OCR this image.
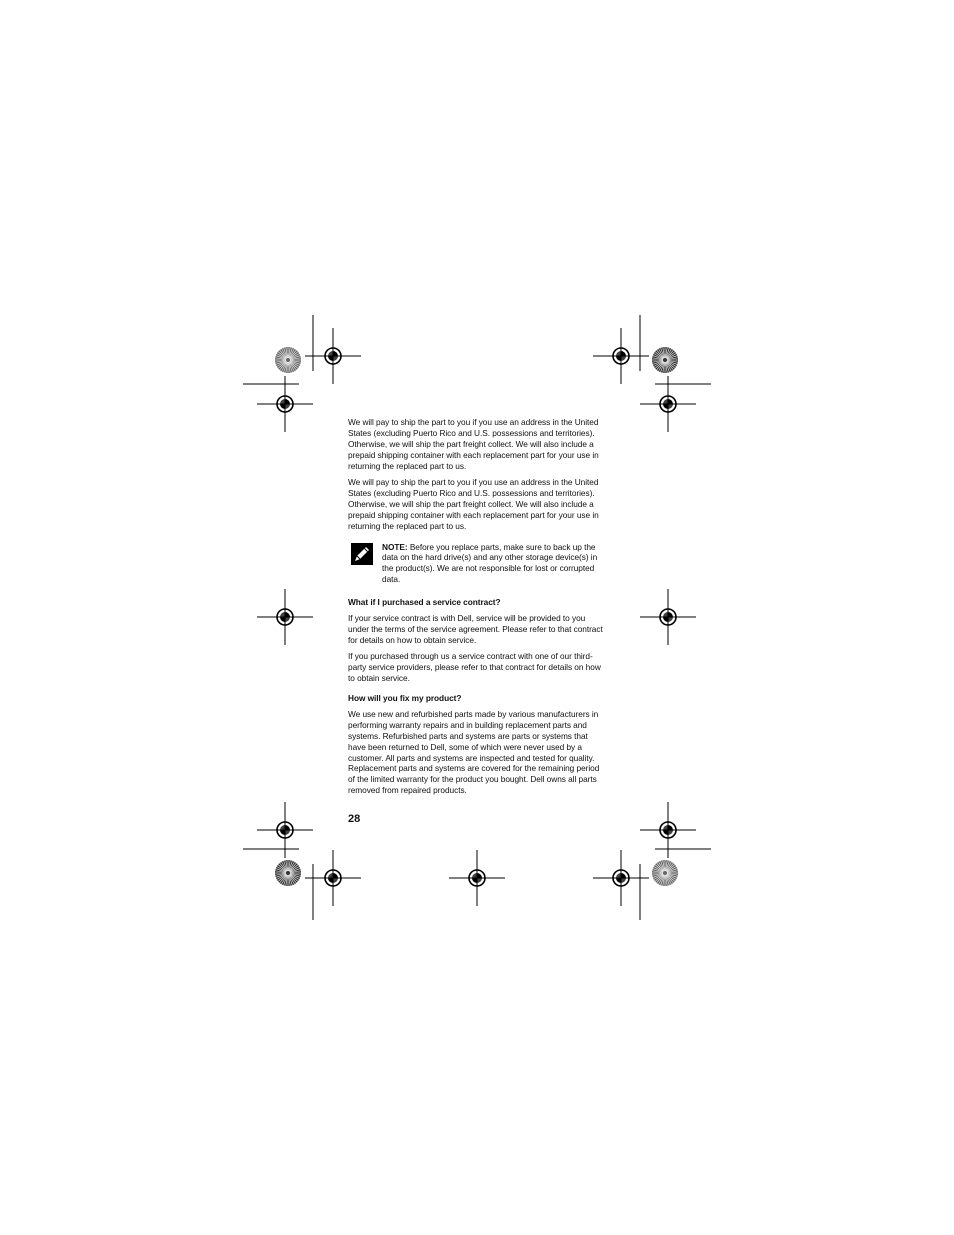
We will pay to ship the part to you if you use an address in the United States (excluding Puerto Rico and U.S. possessions and territories). Otherwise, we will ship the part freight collect. We will also include a prepaid shipping container with each replacement part for your use in returning the replaced part to us.

We will pay to ship the part to you if you use an address in the United States (excluding Puerto Rico and U.S. possessions and territories). Otherwise, we will ship the part freight collect. We will also include a prepaid shipping container with each replacement part for your use in returning the replaced part to us.

NOTE: Before you replace parts, make sure to back up the data on the hard drive(s) and any other storage device(s) in the product(s). We are not responsible for lost or corrupted data.
What if I purchased a service contract?

If your service contract is with Dell, service will be provided to you under the terms of the service agreement. Please refer to that contract for details on how to obtain service.

If you purchased through us a service contract with one of our third-party service providers, please refer to that contract for details on how to obtain service.

How will you fix my product?

We use new and refurbished parts made by various manufacturers in performing warranty repairs and in building replacement parts and systems. Refurbished parts and systems are parts or systems that have been returned to Dell, some of which were never used by a customer. All parts and systems are inspected and tested for quality. Replacement parts and systems are covered for the remaining period of the limited warranty for the product you bought. Dell owns all parts removed from repaired products.

28
